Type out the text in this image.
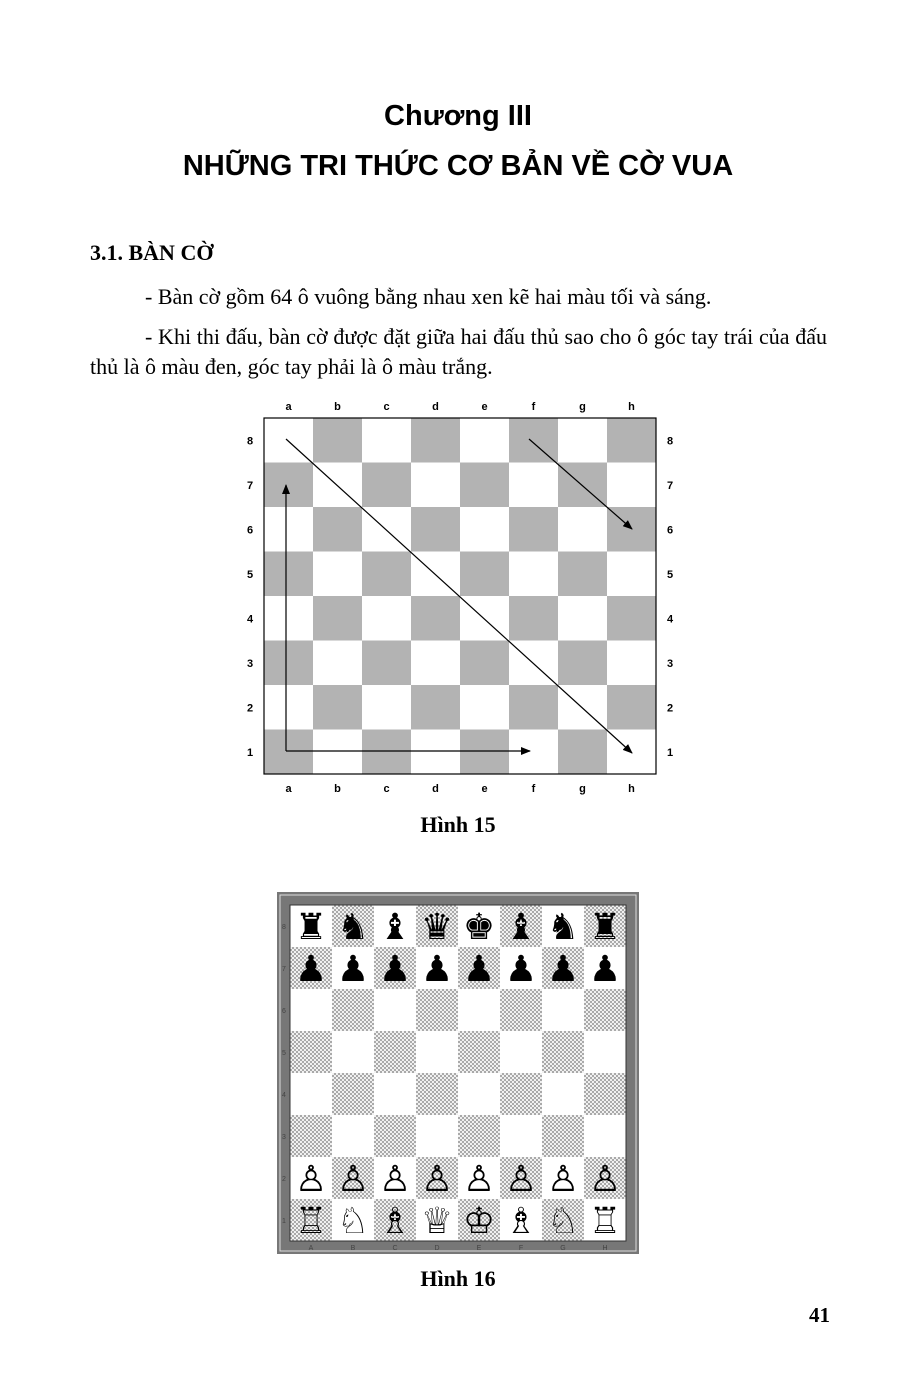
Chương III
NHỮNG TRI THỨC CƠ BẢN VỀ CỜ VUA
3.1. BÀN CỜ
- Bàn cờ gồm 64 ô vuông bằng nhau xen kẽ hai màu tối và sáng.
- Khi thi đấu, bàn cờ được đặt giữa hai đấu thủ sao cho ô góc tay trái của đấu thủ là ô màu đen, góc tay phải là ô màu trắng.
a
a
b
b
c
c
d
d
e
e
f
f
g
g
h
h
8	8
7	7
6	6
5	5
4	4
3	3
2	2
1	1
Hình 15
♜ ♞ ♝ ♛ ♚ ♝ ♞ ♜
♟ ♟ ♟ ♟ ♟ ♟ ♟ ♟
♙ ♙ ♙ ♙ ♙ ♙ ♙ ♙
♖ ♘ ♗ ♕ ♔ ♗ ♘ ♖
A	B	C	D	E	F	G	H
8
7
6
5
4
3
2
1
Hình 16
41
